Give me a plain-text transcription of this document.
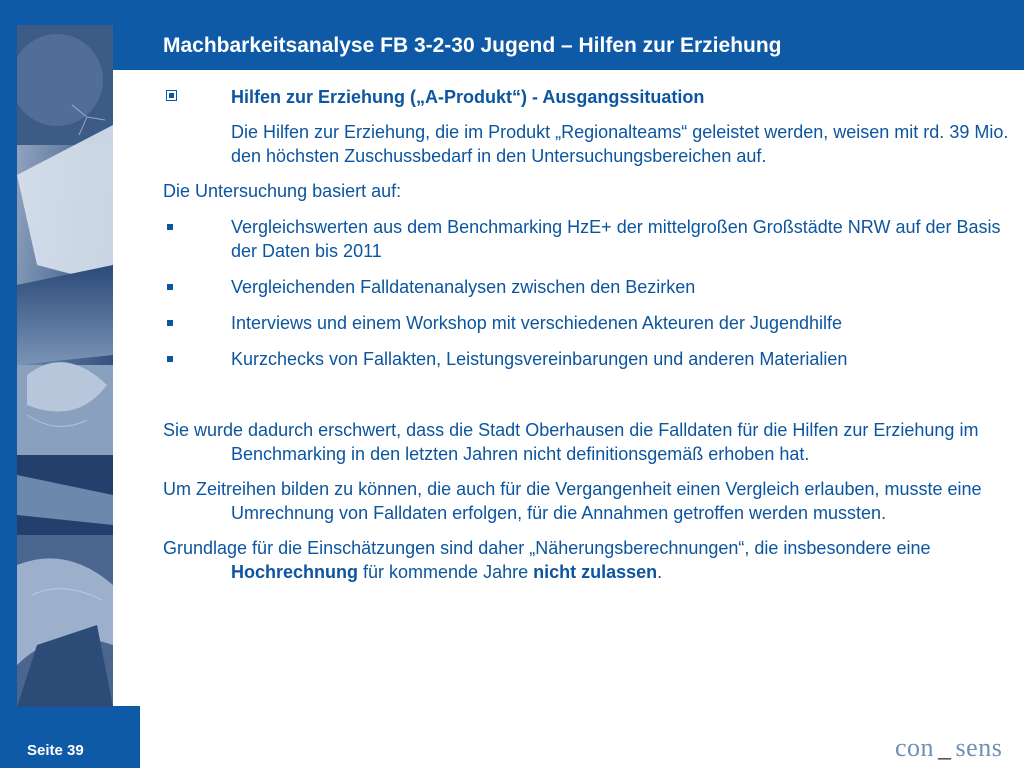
Machbarkeitsanalyse FB 3-2-30 Jugend – Hilfen zur Erziehung
Hilfen zur Erziehung („A-Produkt“) - Ausgangssituation

Die Hilfen zur Erziehung, die im Produkt „Regionalteams“ geleistet werden, weisen mit rd. 39 Mio. den höchsten Zuschussbedarf in den Untersuchungsbereichen auf.

Die Untersuchung basiert auf:

Vergleichswerten aus dem Benchmarking HzE+ der mittelgroßen Großstädte NRW auf der Basis der Daten bis 2011
Vergleichenden Falldatenanalysen zwischen den Bezirken
Interviews und einem Workshop mit verschiedenen Akteuren der Jugendhilfe
Kurzchecks von Fallakten, Leistungsvereinbarungen und anderen Materialien

Sie wurde dadurch erschwert, dass die Stadt Oberhausen die Falldaten für die Hilfen zur Erziehung im Benchmarking in den letzten Jahren nicht definitionsgemäß erhoben hat.

Um Zeitreihen bilden zu können, die auch für die Vergangenheit einen Vergleich erlauben, musste eine Umrechnung von Falldaten erfolgen, für die Annahmen getroffen werden mussten.

Grundlage für die Einschätzungen sind daher „Näherungsberechnungen“, die insbesondere eine Hochrechnung für kommende Jahre nicht zulassen.

Seite 39	con _ sens
